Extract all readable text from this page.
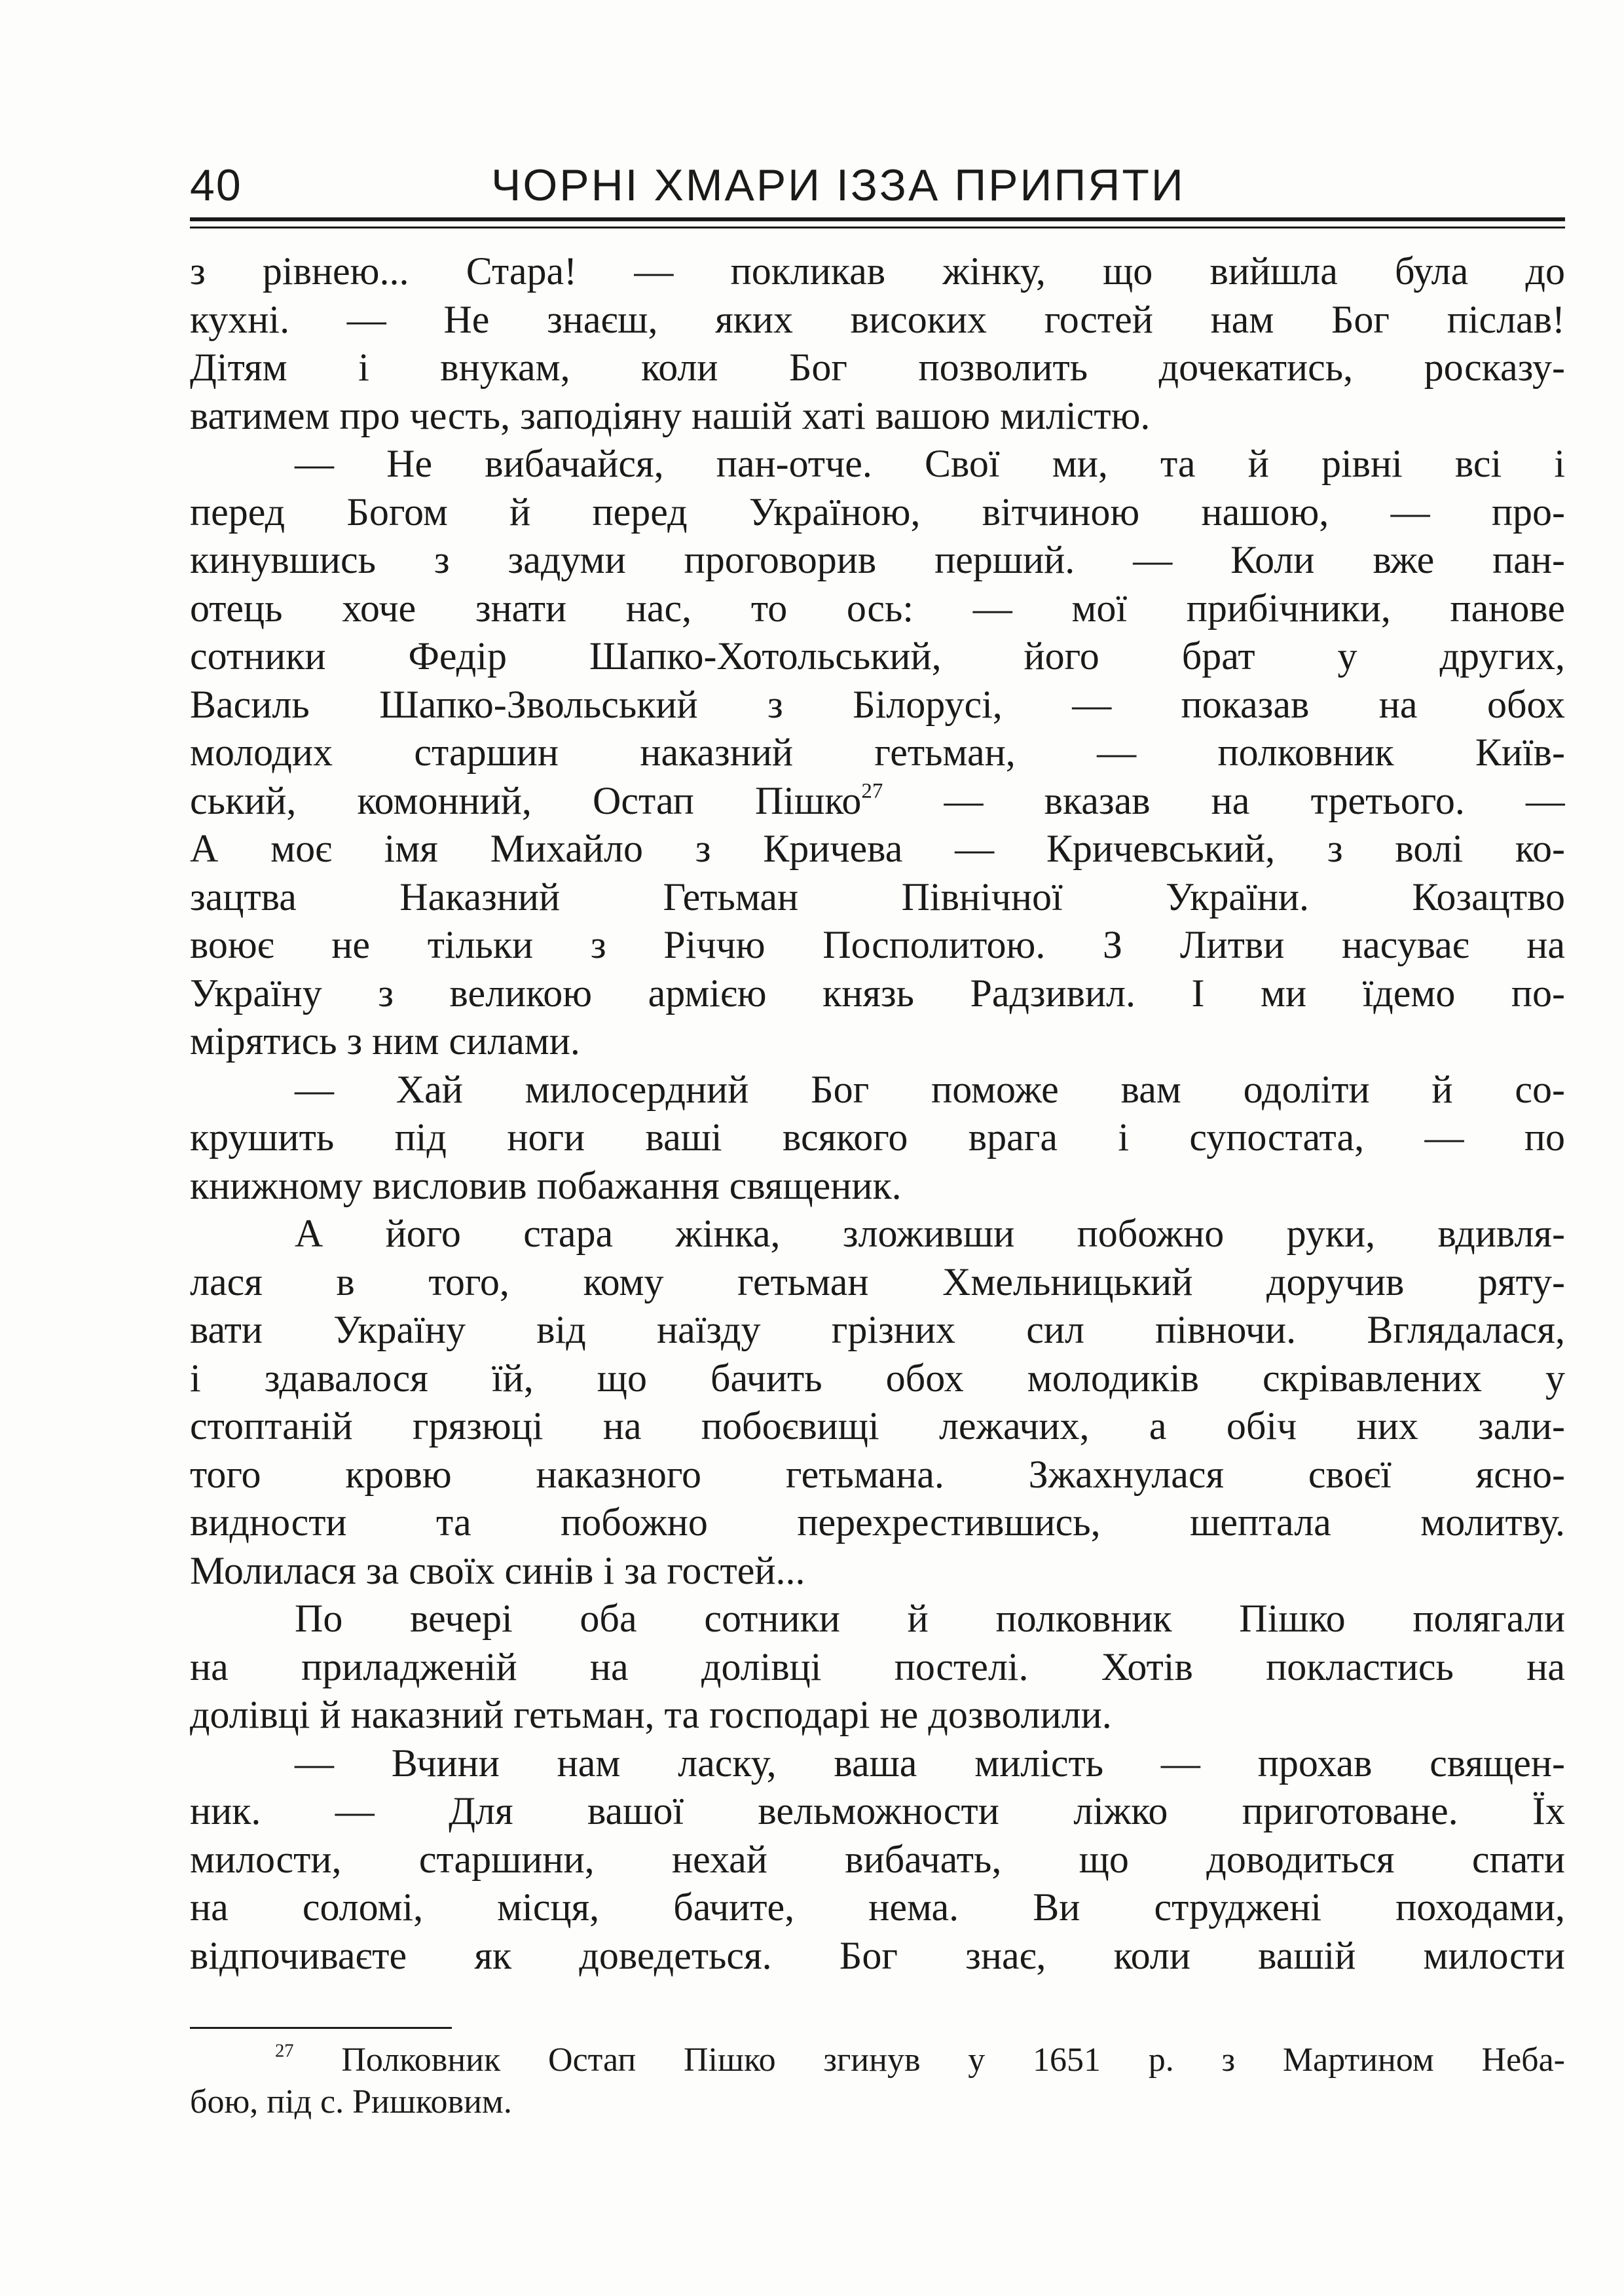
40	ЧОРНІ ХМАРИ ІЗЗА ПРИПЯТИ
з рівнею... Стара! — покликав жінку, що вийшла була до
кухні. — Не знаєш, яких високих гостей нам Бог післав!
Дітям і внукам, коли Бог позволить дочекатись, росказу-
ватимем про честь, заподіяну нашій хаті вашою милістю.
— Не вибачайся, пан-отче. Свої ми, та й рівні всі і
перед Богом й перед Україною, вітчиною нашою, — про-
кинувшись з задуми проговорив перший. — Коли вже пан-
отець хоче знати нас, то ось: — мої прибічники, панове
сотники Федір Шапко-Хотольський, його брат у других,
Василь Шапко-Звольський з Білорусі, — показав на обох
молодих старшин наказний гетьман, — полковник Київ-
ський, комонний, Остап Пішко$^{27}$ — вказав на третього. —
А моє імя Михайло з Кричева — Кричевський, з волі ко-
зацтва Наказний Гетьман Північної України. Козацтво
воює не тільки з Річчю Посполитою. З Литви насуває на
Україну з великою армією князь Радзивил. І ми їдемо по-
мірятись з ним силами.
— Хай милосердний Бог поможе вам одоліти й со-
крушить під ноги ваші всякого врага і супостата, — по
книжному висловив побажання священик.
А його стара жінка, зложивши побожно руки, вдивля-
лася в того, кому гетьман Хмельницький доручив ряту-
вати Україну від наїзду грізних сил півночи. Вглядалася,
і здавалося їй, що бачить обох молодиків скрівавлених у
стоптаній грязюці на побоєвищі лежачих, а обіч них зали-
того кровю наказного гетьмана. Зжахнулася своєї ясно-
видности та побожно перехрестившись, шептала молитву.
Молилася за своїх синів і за гостей...
По вечері оба сотники й полковник Пішко полягали
на приладженій на долівці постелі. Хотів покластись на
долівці й наказний гетьман, та господарі не дозволили.
— Вчини нам ласку, ваша милість — прохав священ-
ник. — Для вашої вельможности ліжко приготоване. Їх
милости, старшини, нехай вибачать, що доводиться спати
на соломі, місця, бачите, нема. Ви струджені походами,
відпочиваєте як доведеться. Бог знає, коли вашій милости
$^{27}$ Полковник Остап Пішко згинув у 1651 р. з Мартином Неба-
бою, під с. Ришковим.
